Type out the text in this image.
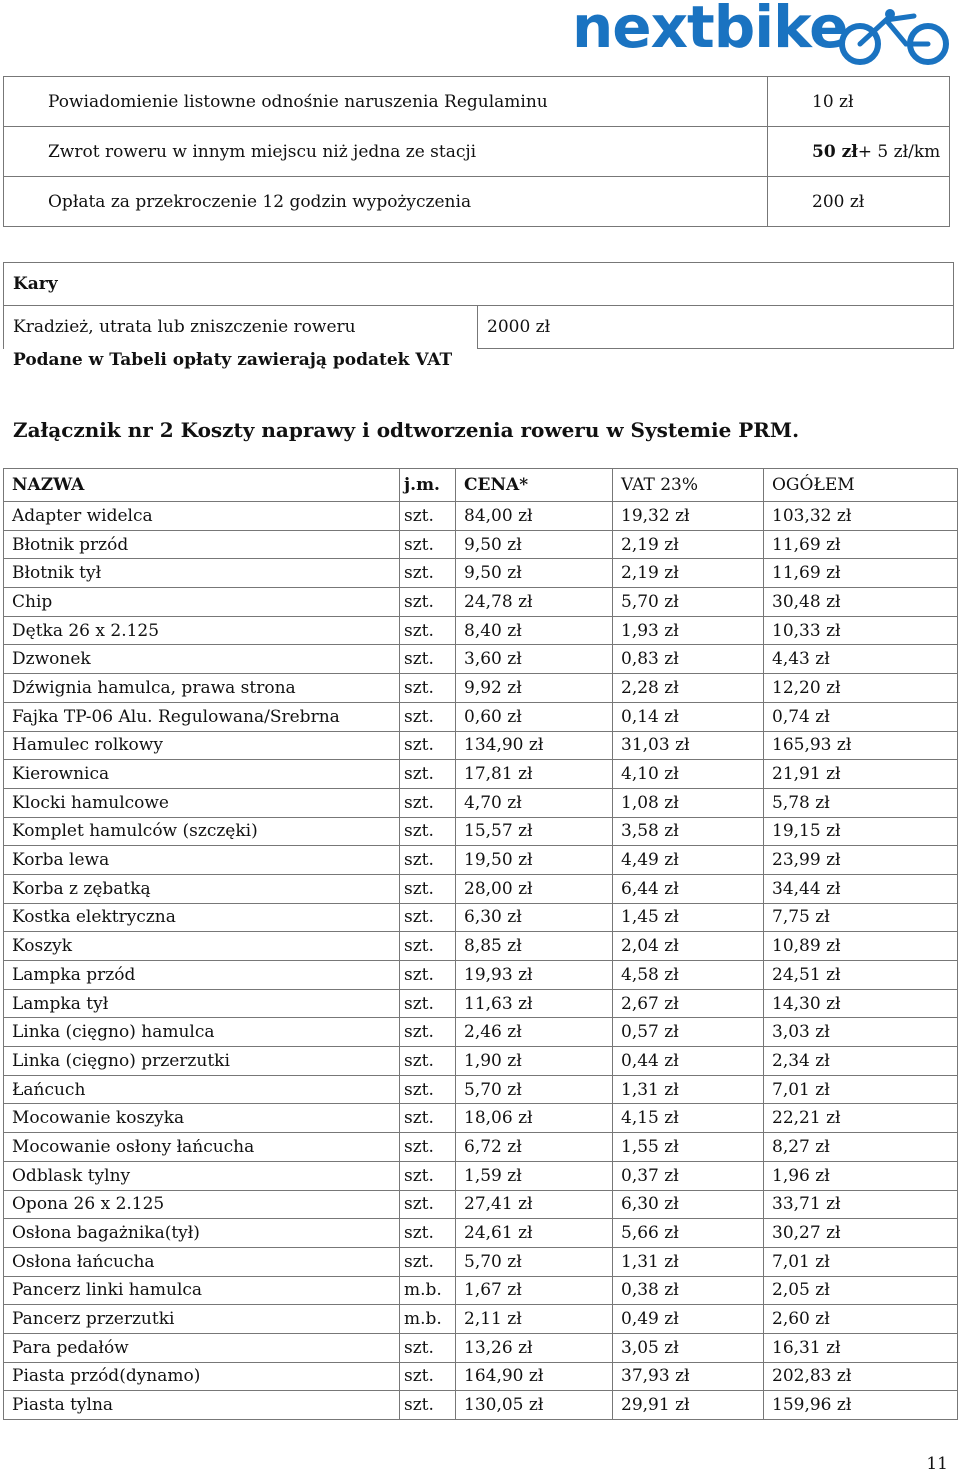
nextbike
Powiadomienie listowne odnośnie naruszenia Regulaminu	10 zł
Zwrot roweru w innym miejscu niż jedna ze stacji	50 zł+ 5 zł/km
Opłata za przekroczenie 12 godzin wypożyczenia	200 zł
Kary
Kradzież, utrata lub zniszczenie roweru	2000 zł
Podane w Tabeli opłaty zawierają podatek VAT
Załącznik nr 2 Koszty naprawy i odtworzenia roweru w Systemie PRM.
NAZWA	j.m.	CENA*	VAT 23%	OGÓŁEM
Adapter widelca	szt.	84,00 zł	19,32 zł	103,32 zł
Błotnik przód	szt.	9,50 zł	2,19 zł	11,69 zł
Błotnik tył	szt.	9,50 zł	2,19 zł	11,69 zł
Chip	szt.	24,78 zł	5,70 zł	30,48 zł
Dętka 26 x 2.125	szt.	8,40 zł	1,93 zł	10,33 zł
Dzwonek	szt.	3,60 zł	0,83 zł	4,43 zł
Dźwignia hamulca, prawa strona	szt.	9,92 zł	2,28 zł	12,20 zł
Fajka TP-06 Alu. Regulowana/Srebrna	szt.	0,60 zł	0,14 zł	0,74 zł
Hamulec rolkowy	szt.	134,90 zł	31,03 zł	165,93 zł
Kierownica	szt.	17,81 zł	4,10 zł	21,91 zł
Klocki hamulcowe	szt.	4,70 zł	1,08 zł	5,78 zł
Komplet hamulców (szczęki)	szt.	15,57 zł	3,58 zł	19,15 zł
Korba lewa	szt.	19,50 zł	4,49 zł	23,99 zł
Korba z zębatką	szt.	28,00 zł	6,44 zł	34,44 zł
Kostka elektryczna	szt.	6,30 zł	1,45 zł	7,75 zł
Koszyk	szt.	8,85 zł	2,04 zł	10,89 zł
Lampka przód	szt.	19,93 zł	4,58 zł	24,51 zł
Lampka tył	szt.	11,63 zł	2,67 zł	14,30 zł
Linka (cięgno) hamulca	szt.	2,46 zł	0,57 zł	3,03 zł
Linka (cięgno) przerzutki	szt.	1,90 zł	0,44 zł	2,34 zł
Łańcuch	szt.	5,70 zł	1,31 zł	7,01 zł
Mocowanie koszyka	szt.	18,06 zł	4,15 zł	22,21 zł
Mocowanie osłony łańcucha	szt.	6,72 zł	1,55 zł	8,27 zł
Odblask tylny	szt.	1,59 zł	0,37 zł	1,96 zł
Opona 26 x 2.125	szt.	27,41 zł	6,30 zł	33,71 zł
Osłona bagażnika(tył)	szt.	24,61 zł	5,66 zł	30,27 zł
Osłona łańcucha	szt.	5,70 zł	1,31 zł	7,01 zł
Pancerz linki hamulca	m.b.	1,67 zł	0,38 zł	2,05 zł
Pancerz przerzutki	m.b.	2,11 zł	0,49 zł	2,60 zł
Para pedałów	szt.	13,26 zł	3,05 zł	16,31 zł
Piasta przód(dynamo)	szt.	164,90 zł	37,93 zł	202,83 zł
Piasta tylna	szt.	130,05 zł	29,91 zł	159,96 zł
11
